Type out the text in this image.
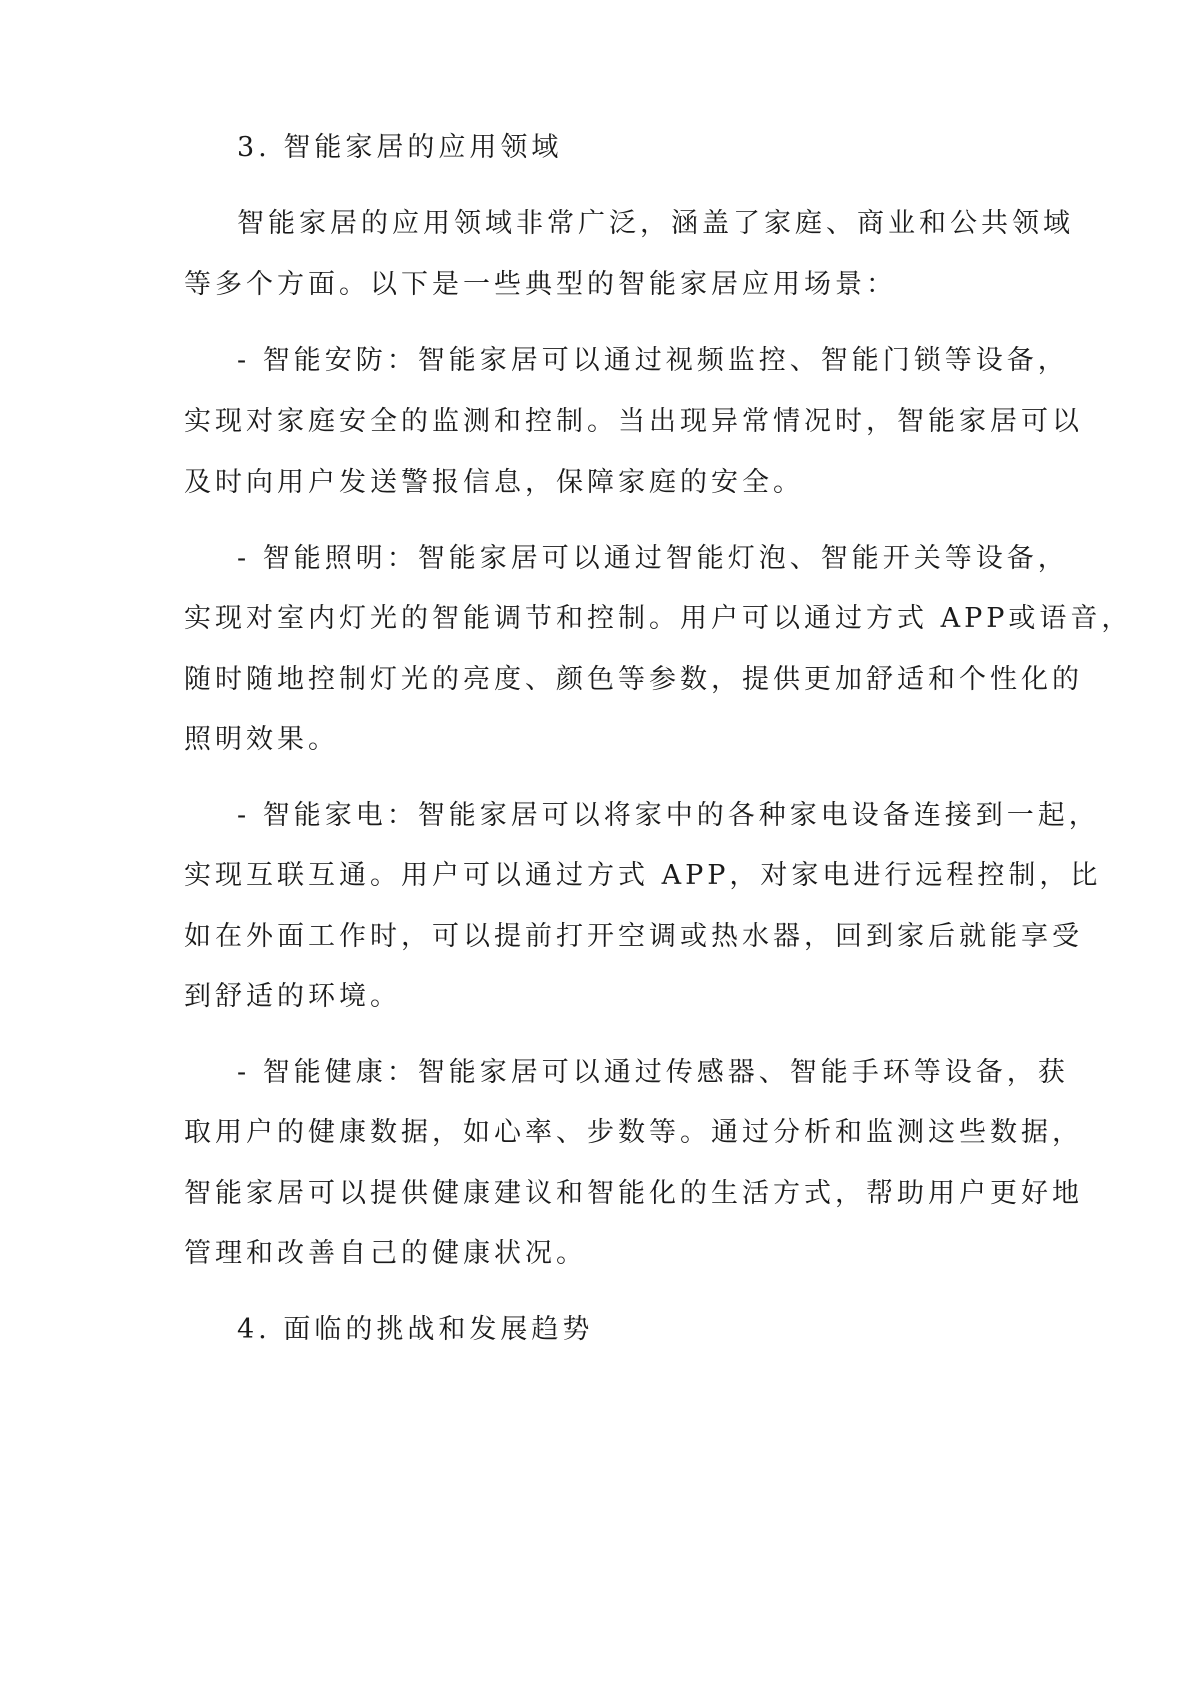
3. 智能家居的应用领域
智能家居的应用领域非常广泛，涵盖了家庭、商业和公共领域
等多个方面。以下是一些典型的智能家居应用场景：
- 智能安防：智能家居可以通过视频监控、智能门锁等设备，
实现对家庭安全的监测和控制。当出现异常情况时，智能家居可以
及时向用户发送警报信息，保障家庭的安全。
- 智能照明：智能家居可以通过智能灯泡、智能开关等设备，
实现对室内灯光的智能调节和控制。用户可以通过方式 APP或语音，
随时随地控制灯光的亮度、颜色等参数，提供更加舒适和个性化的
照明效果。
- 智能家电：智能家居可以将家中的各种家电设备连接到一起，
实现互联互通。用户可以通过方式 APP，对家电进行远程控制，比
如在外面工作时，可以提前打开空调或热水器，回到家后就能享受
到舒适的环境。
- 智能健康：智能家居可以通过传感器、智能手环等设备，获
取用户的健康数据，如心率、步数等。通过分析和监测这些数据，
智能家居可以提供健康建议和智能化的生活方式，帮助用户更好地
管理和改善自己的健康状况。
4. 面临的挑战和发展趋势
